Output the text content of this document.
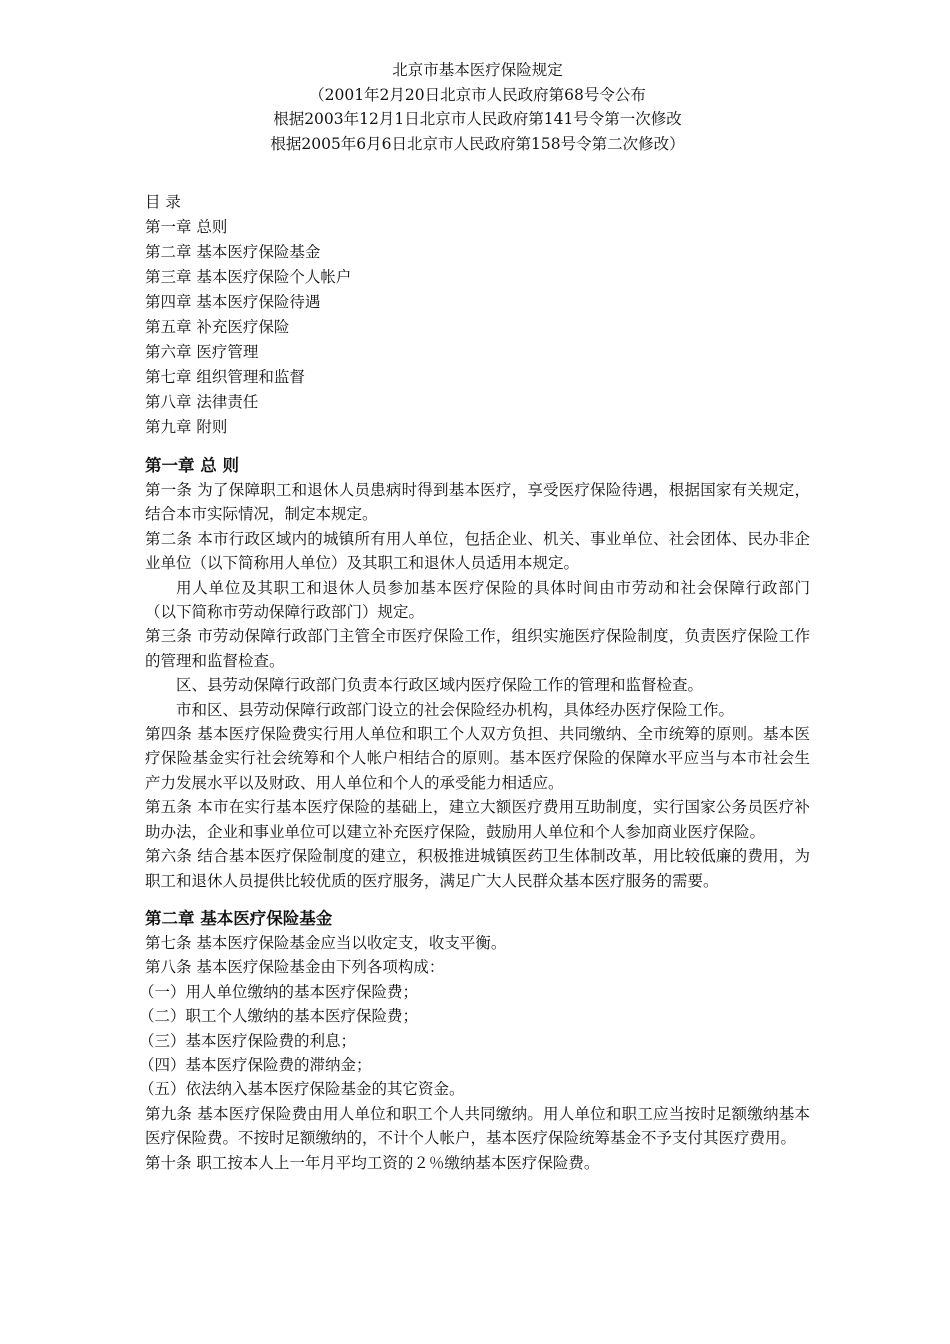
北京市基本医疗保险规定
（2001年2月20日北京市人民政府第68号令公布
根据2003年12月1日北京市人民政府第141号令第一次修改
根据2005年6月6日北京市人民政府第158号令第二次修改）
目 录
第一章 总则
第二章 基本医疗保险基金
第三章 基本医疗保险个人帐户
第四章 基本医疗保险待遇
第五章 补充医疗保险
第六章 医疗管理
第七章 组织管理和监督
第八章 法律责任
第九章 附则
第一章 总 则
第一条 为了保障职工和退休人员患病时得到基本医疗，享受医疗保险待遇，根据国家有关规定，结合本市实际情况，制定本规定。
第二条 本市行政区域内的城镇所有用人单位，包括企业、机关、事业单位、社会团体、民办非企业单位（以下简称用人单位）及其职工和退休人员适用本规定。
用人单位及其职工和退休人员参加基本医疗保险的具体时间由市劳动和社会保障行政部门（以下简称市劳动保障行政部门）规定。
第三条 市劳动保障行政部门主管全市医疗保险工作，组织实施医疗保险制度，负责医疗保险工作的管理和监督检查。
区、县劳动保障行政部门负责本行政区域内医疗保险工作的管理和监督检查。
市和区、县劳动保障行政部门设立的社会保险经办机构，具体经办医疗保险工作。
第四条 基本医疗保险费实行用人单位和职工个人双方负担、共同缴纳、全市统筹的原则。基本医疗保险基金实行社会统筹和个人帐户相结合的原则。基本医疗保险的保障水平应当与本市社会生产力发展水平以及财政、用人单位和个人的承受能力相适应。
第五条 本市在实行基本医疗保险的基础上，建立大额医疗费用互助制度，实行国家公务员医疗补助办法，企业和事业单位可以建立补充医疗保险，鼓励用人单位和个人参加商业医疗保险。
第六条 结合基本医疗保险制度的建立，积极推进城镇医药卫生体制改革，用比较低廉的费用，为职工和退休人员提供比较优质的医疗服务，满足广大人民群众基本医疗服务的需要。
第二章 基本医疗保险基金
第七条 基本医疗保险基金应当以收定支，收支平衡。
第八条 基本医疗保险基金由下列各项构成：
（一）用人单位缴纳的基本医疗保险费；
（二）职工个人缴纳的基本医疗保险费；
（三）基本医疗保险费的利息；
（四）基本医疗保险费的滞纳金；
（五）依法纳入基本医疗保险基金的其它资金。
第九条 基本医疗保险费由用人单位和职工个人共同缴纳。用人单位和职工应当按时足额缴纳基本医疗保险费。不按时足额缴纳的，不计个人帐户，基本医疗保险统筹基金不予支付其医疗费用。
第十条 职工按本人上一年月平均工资的２％缴纳基本医疗保险费。
